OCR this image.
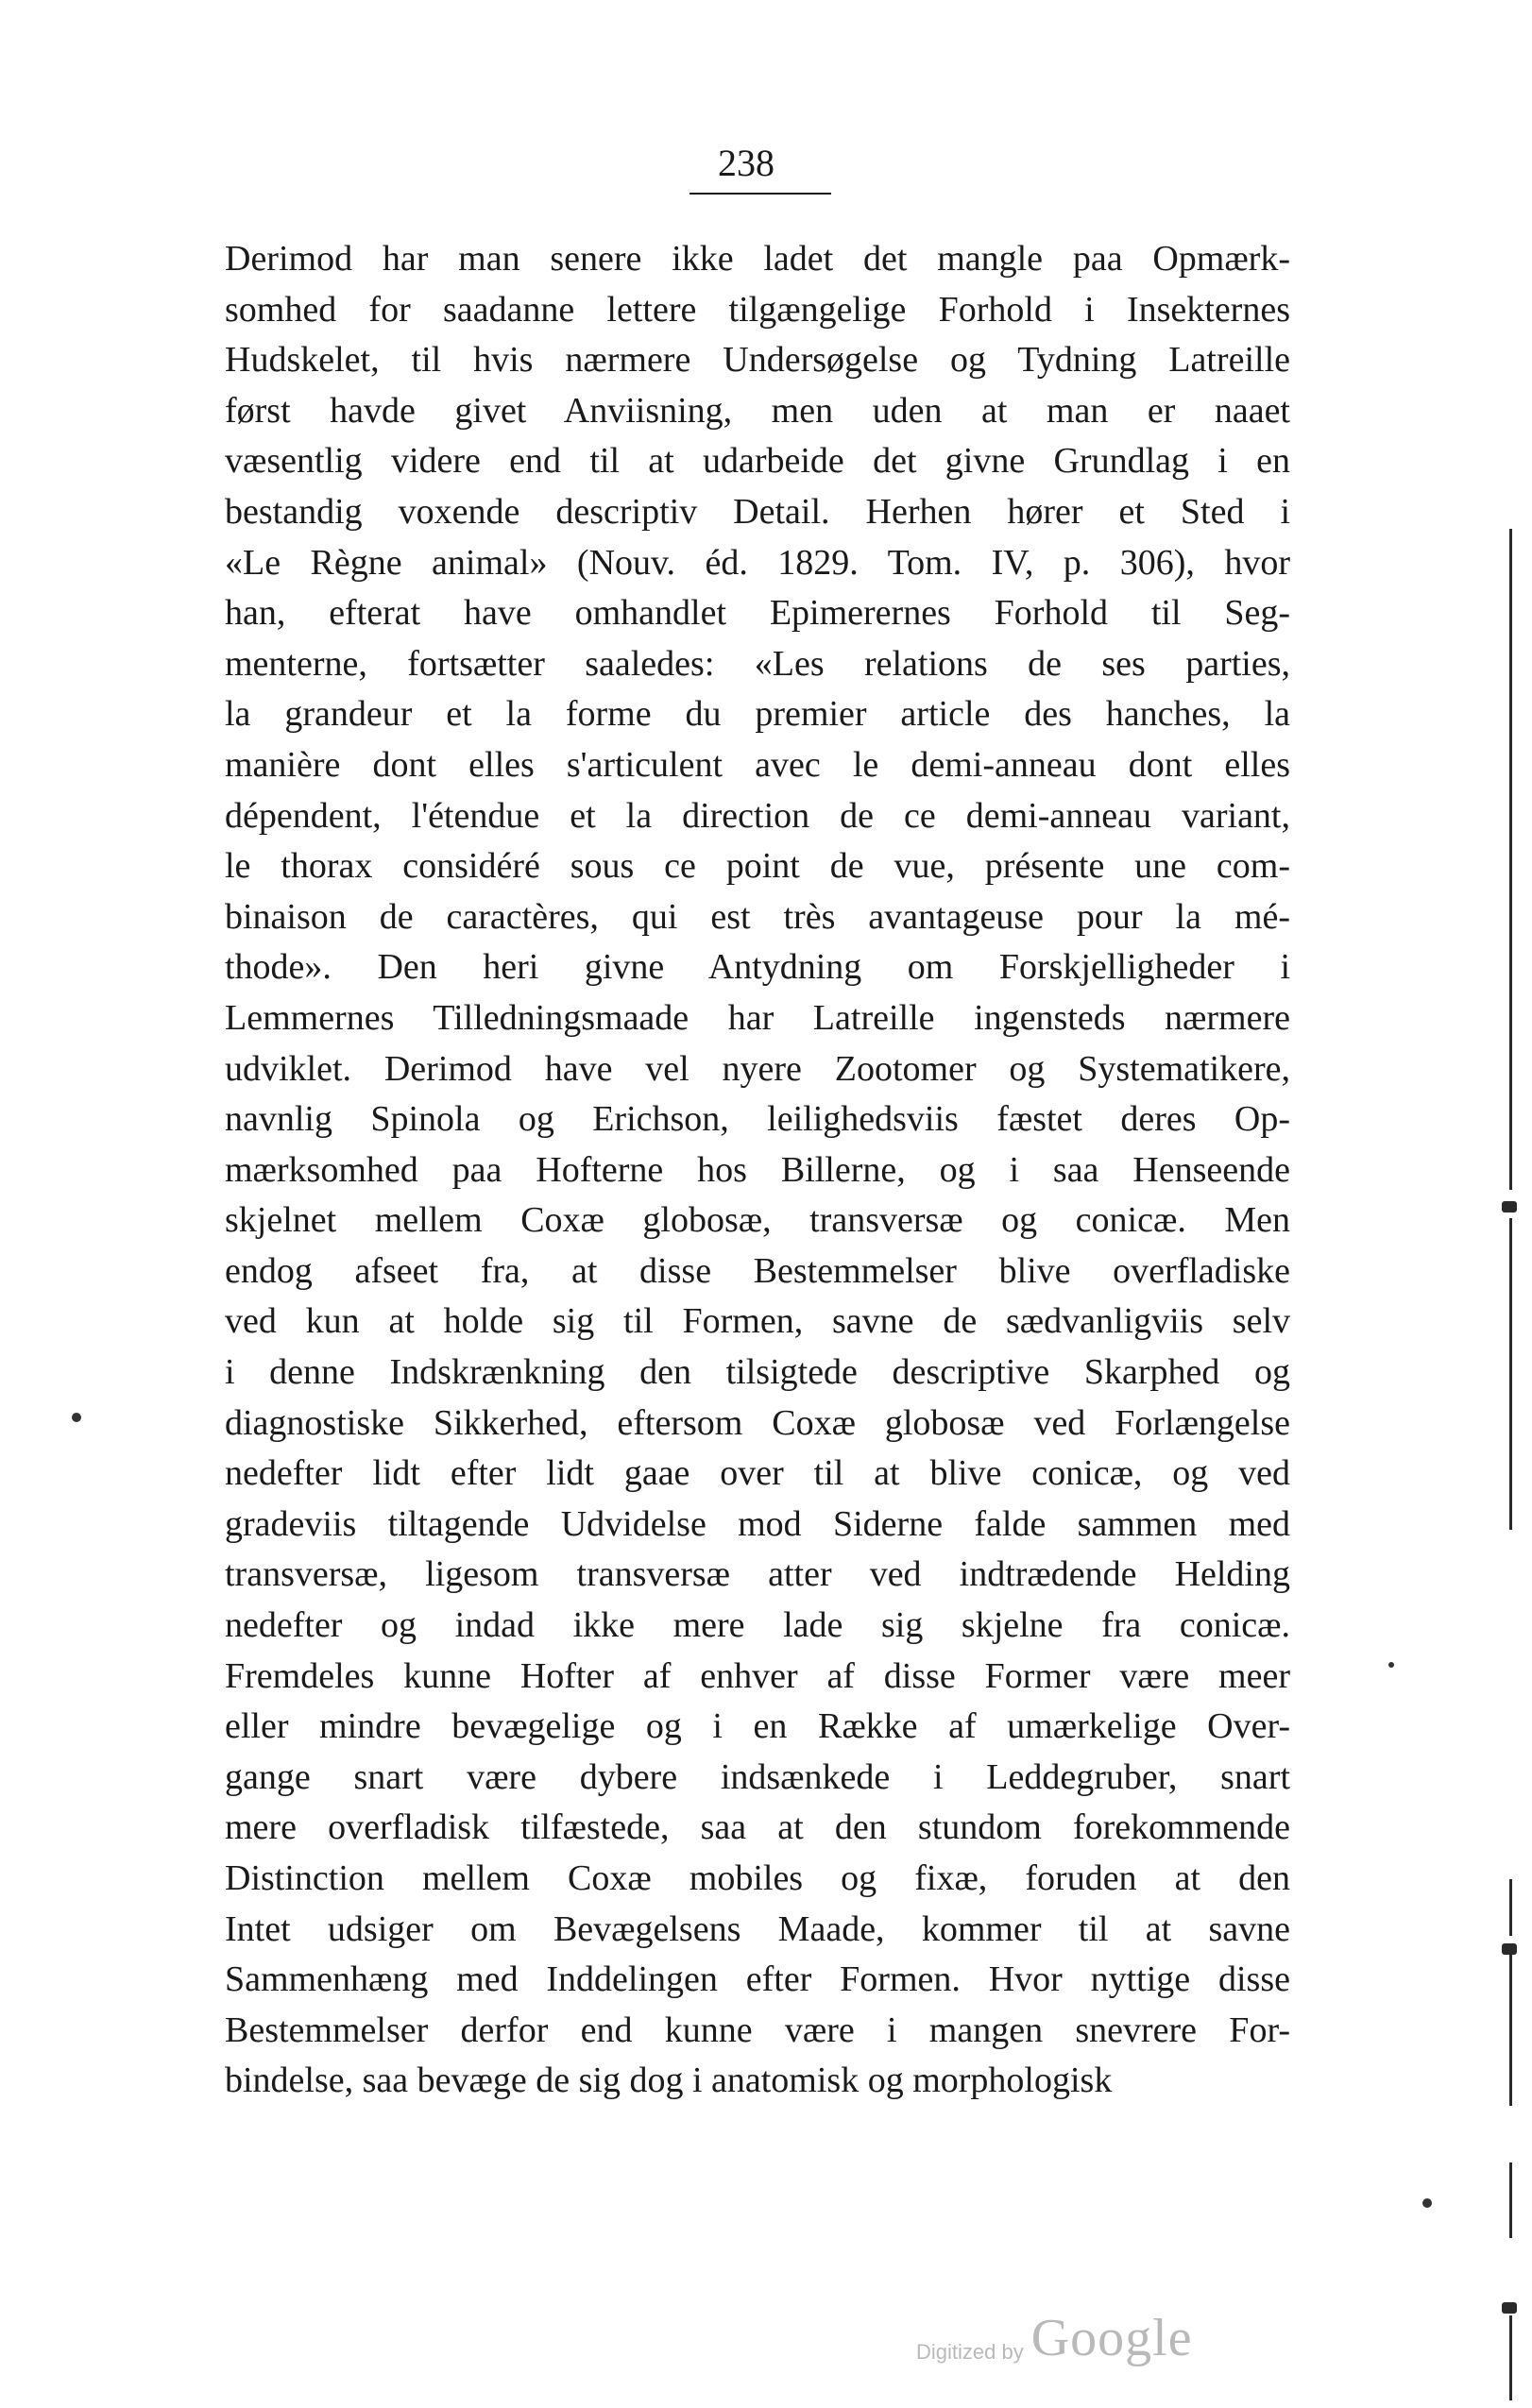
238
Derimod har man senere ikke ladet det mangle paa Opmærk-
somhed for saadanne lettere tilgængelige Forhold i Insekternes
Hudskelet, til hvis nærmere Undersøgelse og Tydning Latreille
først havde givet Anviisning, men uden at man er naaet
væsentlig videre end til at udarbeide det givne Grundlag i en
bestandig voxende descriptiv Detail. Herhen hører et Sted i
«Le Règne animal» (Nouv. éd. 1829. Tom. IV, p. 306), hvor
han, efterat have omhandlet Epimerernes Forhold til Seg-
menterne, fortsætter saaledes: «Les relations de ses parties,
la grandeur et la forme du premier article des hanches, la
manière dont elles s'articulent avec le demi-anneau dont elles
dépendent, l'étendue et la direction de ce demi-anneau variant,
le thorax considéré sous ce point de vue, présente une com-
binaison de caractères, qui est très avantageuse pour la mé-
thode». Den heri givne Antydning om Forskjelligheder i
Lemmernes Tilledningsmaade har Latreille ingensteds nærmere
udviklet. Derimod have vel nyere Zootomer og Systematikere,
navnlig Spinola og Erichson, leilighedsviis fæstet deres Op-
mærksomhed paa Hofterne hos Billerne, og i saa Henseende
skjelnet mellem Coxæ globosæ, transversæ og conicæ. Men
endog afseet fra, at disse Bestemmelser blive overfladiske
ved kun at holde sig til Formen, savne de sædvanligviis selv
i denne Indskrænkning den tilsigtede descriptive Skarphed og
diagnostiske Sikkerhed, eftersom Coxæ globosæ ved Forlængelse
nedefter lidt efter lidt gaae over til at blive conicæ, og ved
gradeviis tiltagende Udvidelse mod Siderne falde sammen med
transversæ, ligesom transversæ atter ved indtrædende Helding
nedefter og indad ikke mere lade sig skjelne fra conicæ.
Fremdeles kunne Hofter af enhver af disse Former være meer
eller mindre bevægelige og i en Række af umærkelige Over-
gange snart være dybere indsænkede i Leddegruber, snart
mere overfladisk tilfæstede, saa at den stundom forekommende
Distinction mellem Coxæ mobiles og fixæ, foruden at den
Intet udsiger om Bevægelsens Maade, kommer til at savne
Sammenhæng med Inddelingen efter Formen. Hvor nyttige disse
Bestemmelser derfor end kunne være i mangen snevrere For-
bindelse, saa bevæge de sig dog i anatomisk og morphologisk
Digitized by Google
